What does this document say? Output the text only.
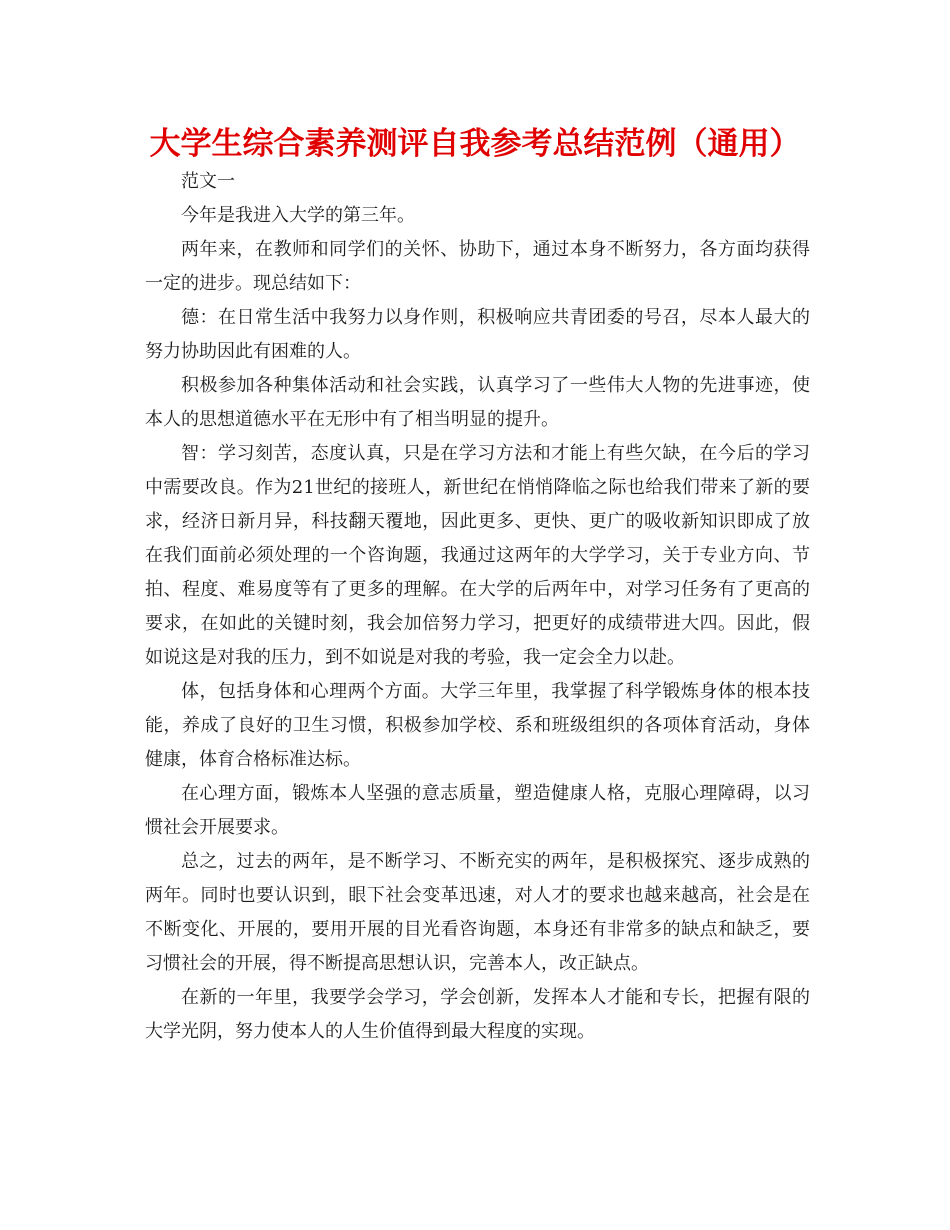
大学生综合素养测评自我参考总结范例（通用）

范文一

今年是我进入大学的第三年。

两年来，在教师和同学们的关怀、协助下，通过本身不断努力，各方面均获得一定的进步。现总结如下：

德：在日常生活中我努力以身作则，积极响应共青团委的号召，尽本人最大的努力协助因此有困难的人。

积极参加各种集体活动和社会实践，认真学习了一些伟大人物的先进事迹，使本人的思想道德水平在无形中有了相当明显的提升。

智：学习刻苦，态度认真，只是在学习方法和才能上有些欠缺，在今后的学习中需要改良。作为21世纪的接班人，新世纪在悄悄降临之际也给我们带来了新的要求，经济日新月异，科技翻天覆地，因此更多、更快、更广的吸收新知识即成了放在我们面前必须处理的一个咨询题，我通过这两年的大学学习，关于专业方向、节拍、程度、难易度等有了更多的理解。在大学的后两年中，对学习任务有了更高的要求，在如此的关键时刻，我会加倍努力学习，把更好的成绩带进大四。因此，假如说这是对我的压力，到不如说是对我的考验，我一定会全力以赴。

体，包括身体和心理两个方面。大学三年里，我掌握了科学锻炼身体的根本技能，养成了良好的卫生习惯，积极参加学校、系和班级组织的各项体育活动，身体健康，体育合格标准达标。

在心理方面，锻炼本人坚强的意志质量，塑造健康人格，克服心理障碍，以习惯社会开展要求。

总之，过去的两年，是不断学习、不断充实的两年，是积极探究、逐步成熟的两年。同时也要认识到，眼下社会变革迅速，对人才的要求也越来越高，社会是在不断变化、开展的，要用开展的目光看咨询题，本身还有非常多的缺点和缺乏，要习惯社会的开展，得不断提高思想认识，完善本人，改正缺点。

在新的一年里，我要学会学习，学会创新，发挥本人才能和专长，把握有限的大学光阴，努力使本人的人生价值得到最大程度的实现。
